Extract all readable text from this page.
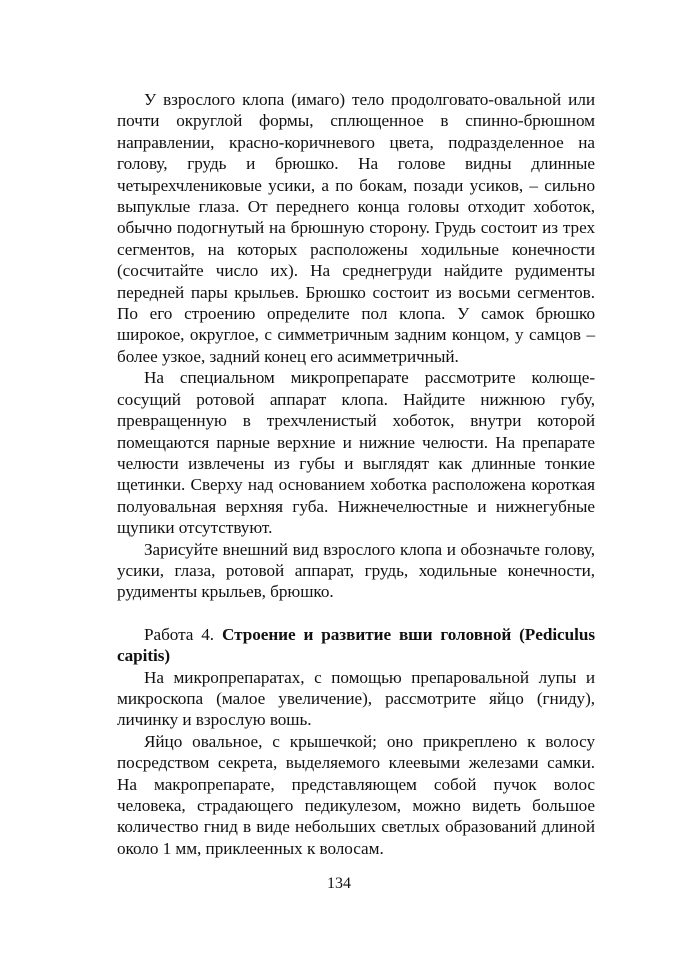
У взрослого клопа (имаго) тело продолговато-овальной или почти округлой формы, сплющенное в спинно-брюшном направлении, красно-коричневого цвета, подразделенное на голову, грудь и брюшко. На голове видны длинные четырехчлениковые усики, а по бокам, позади усиков, – сильно выпуклые глаза. От переднего конца головы отходит хоботок, обычно подогнутый на брюшную сторону. Грудь состоит из трех сегментов, на которых расположены ходильные конечности (сосчитайте число их). На среднегруди найдите рудименты передней пары крыльев. Брюшко состоит из восьми сегментов. По его строению определите пол клопа. У самок брюшко широкое, округлое, с симметричным задним концом, у самцов – более узкое, задний конец его асимметричный.

На специальном микропрепарате рассмотрите колюще-сосущий ротовой аппарат клопа. Найдите нижнюю губу, превращенную в трехчленистый хоботок, внутри которой помещаются парные верхние и нижние челюсти. На препарате челюсти извлечены из губы и выглядят как длинные тонкие щетинки. Сверху над основанием хоботка расположена короткая полуовальная верхняя губа. Нижнечелюстные и нижнегубные щупики отсутствуют.

Зарисуйте внешний вид взрослого клопа и обозначьте голову, усики, глаза, ротовой аппарат, грудь, ходильные конечности, рудименты крыльев, брюшко.

Работа 4. Строение и развитие вши головной (Pediculus capitis)

На микропрепаратах, с помощью препаровальной лупы и микроскопа (малое увеличение), рассмотрите яйцо (гниду), личинку и взрослую вошь.

Яйцо овальное, с крышечкой; оно прикреплено к волосу посредством секрета, выделяемого клеевыми железами самки. На макропрепарате, представляющем собой пучок волос человека, страдающего педикулезом, можно видеть большое количество гнид в виде небольших светлых образований длиной около 1 мм, приклеенных к волосам.

134
